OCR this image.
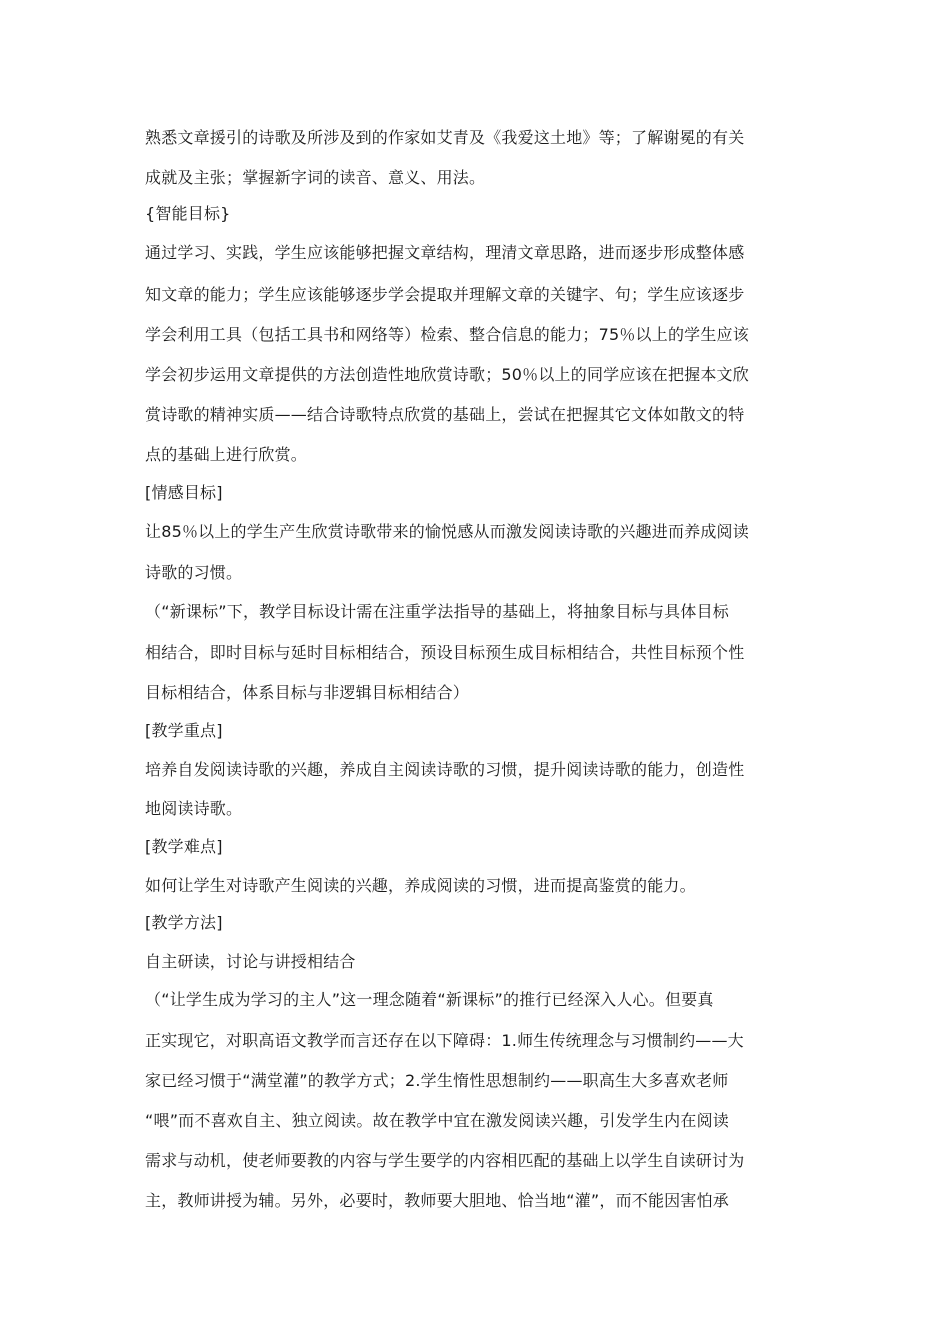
熟悉文章援引的诗歌及所涉及到的作家如艾青及《我爱这土地》等；了解谢冕的有关
成就及主张；掌握新字词的读音、意义、用法。
{智能目标}
通过学习、实践，学生应该能够把握文章结构，理清文章思路，进而逐步形成整体感
知文章的能力；学生应该能够逐步学会提取并理解文章的关键字、句；学生应该逐步
学会利用工具（包括工具书和网络等）检索、整合信息的能力；75％以上的学生应该
学会初步运用文章提供的方法创造性地欣赏诗歌；50％以上的同学应该在把握本文欣
赏诗歌的精神实质——结合诗歌特点欣赏的基础上，尝试在把握其它文体如散文的特
点的基础上进行欣赏。
[情感目标]
让85％以上的学生产生欣赏诗歌带来的愉悦感从而激发阅读诗歌的兴趣进而养成阅读
诗歌的习惯。
（“新课标”下，教学目标设计需在注重学法指导的基础上，将抽象目标与具体目标
相结合，即时目标与延时目标相结合，预设目标预生成目标相结合，共性目标预个性
目标相结合，体系目标与非逻辑目标相结合）
[教学重点]
培养自发阅读诗歌的兴趣，养成自主阅读诗歌的习惯，提升阅读诗歌的能力，创造性
地阅读诗歌。
[教学难点]
如何让学生对诗歌产生阅读的兴趣，养成阅读的习惯，进而提高鉴赏的能力。
[教学方法]
自主研读，讨论与讲授相结合
（“让学生成为学习的主人”这一理念随着“新课标”的推行已经深入人心。但要真
正实现它，对职高语文教学而言还存在以下障碍：1.师生传统理念与习惯制约——大
家已经习惯于“满堂灌”的教学方式；2.学生惰性思想制约——职高生大多喜欢老师
“喂”而不喜欢自主、独立阅读。故在教学中宜在激发阅读兴趣，引发学生内在阅读
需求与动机，使老师要教的内容与学生要学的内容相匹配的基础上以学生自读研讨为
主，教师讲授为辅。另外，必要时，教师要大胆地、恰当地“灌”，而不能因害怕承
